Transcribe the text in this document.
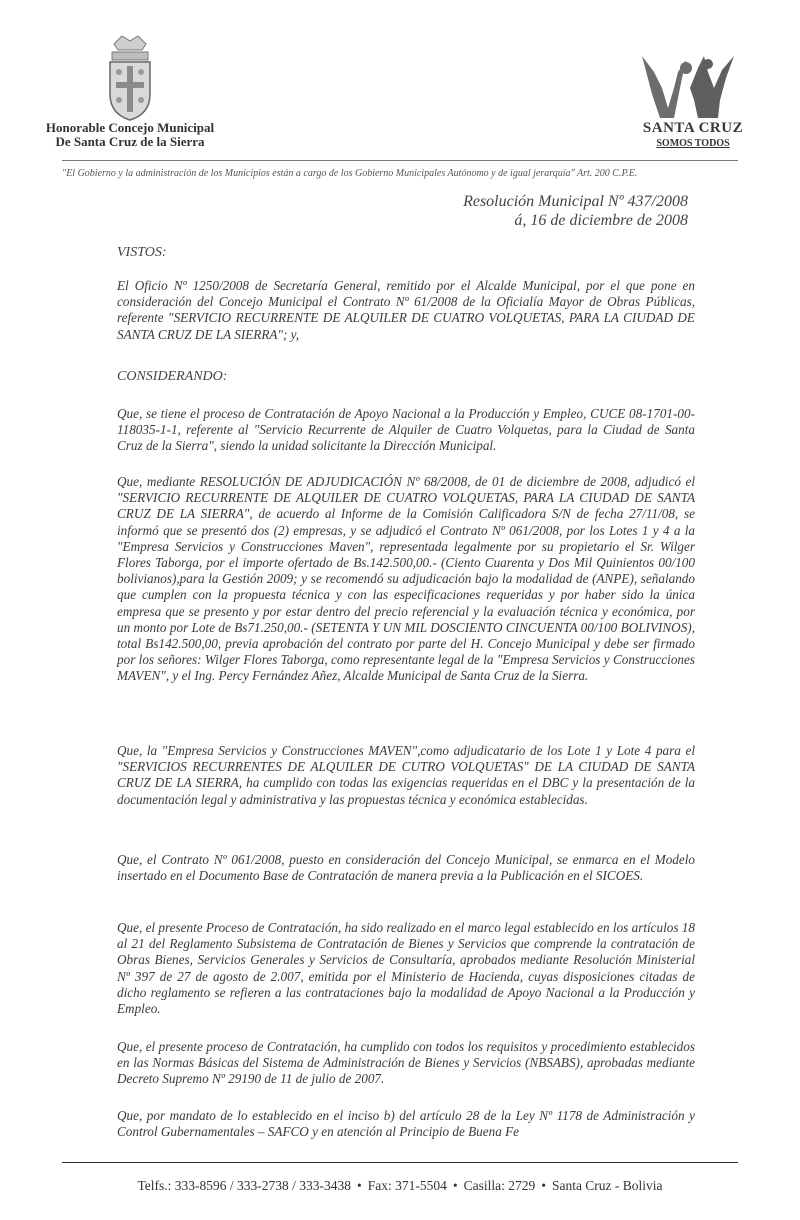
Honorable Concejo Municipal
De Santa Cruz de la Sierra
SANTA CRUZ
SOMOS TODOS
"El Gobierno y la administración de los Municipios están a cargo de los Gobierno Municipales Autónomo y de igual jerarquía" Art. 200 C.P.E.
Resolución Municipal Nº 437/2008
á, 16 de diciembre de 2008
VISTOS:
El Oficio Nº 1250/2008 de Secretaría General, remitido por el Alcalde Municipal, por el que pone en consideración del Concejo Municipal el Contrato Nº 61/2008 de la Oficialía Mayor de Obras Públicas, referente "SERVICIO RECURRENTE DE ALQUILER DE CUATRO VOLQUETAS, PARA LA CIUDAD DE SANTA CRUZ DE LA SIERRA"; y,
CONSIDERANDO:
Que, se tiene el proceso de Contratación de Apoyo Nacional a la Producción y Empleo, CUCE 08-1701-00-118035-1-1, referente al "Servicio Recurrente de Alquiler de Cuatro Volquetas, para la Ciudad de Santa Cruz de la Sierra", siendo la unidad solicitante la Dirección Municipal.
Que, mediante RESOLUCIÓN DE ADJUDICACIÓN Nº 68/2008, de 01 de diciembre de 2008, adjudicó el "SERVICIO RECURRENTE DE ALQUILER DE CUATRO VOLQUETAS, PARA LA CIUDAD DE SANTA CRUZ DE LA SIERRA", de acuerdo al Informe de la Comisión Calificadora S/N de fecha 27/11/08, se informó que se presentó dos (2) empresas, y se adjudicó el Contrato Nº 061/2008, por los Lotes 1 y 4 a la "Empresa Servicios y Construcciones Maven", representada legalmente por su propietario el Sr. Wilger Flores Taborga, por el importe ofertado de Bs.142.500,00.- (Ciento Cuarenta y Dos Mil Quinientos 00/100 bolivianos),para la Gestión 2009; y se recomendó su adjudicación bajo la modalidad de (ANPE), señalando que cumplen con la propuesta técnica y con las especificaciones requeridas y por haber sido la única empresa que se presento y por estar dentro del precio referencial y la evaluación técnica y económica, por un monto por Lote de Bs71.250,00.- (SETENTA Y UN MIL DOSCIENTO CINCUENTA 00/100 BOLIVINOS), total Bs142.500,00, previa aprobación del contrato por parte del H. Concejo Municipal y debe ser firmado por los señores: Wilger Flores Taborga, como representante legal de la "Empresa Servicios y Construcciones MAVEN", y el Ing. Percy Fernández Añez, Alcalde Municipal de Santa Cruz de la Sierra.
Que, la "Empresa Servicios y Construcciones MAVEN",como adjudicatario de los Lote 1 y Lote 4 para el "SERVICIOS RECURRENTES DE ALQUILER DE CUTRO VOLQUETAS" DE LA CIUDAD DE SANTA CRUZ DE LA SIERRA, ha cumplido con todas las exigencias requeridas en el DBC y la presentación de la documentación legal y administrativa y las propuestas técnica y económica establecidas.
Que, el Contrato Nº 061/2008, puesto en consideración del Concejo Municipal, se enmarca en el Modelo insertado en el Documento Base de Contratación de manera previa a la Publicación en el SICOES.
Que, el presente Proceso de Contratación, ha sido realizado en el marco legal establecido en los artículos 18 al 21 del Reglamento Subsistema de Contratación de Bienes y Servicios que comprende la contratación de Obras Bienes, Servicios Generales y Servicios de Consultaría, aprobados mediante Resolución Ministerial Nº 397 de 27 de agosto de 2.007, emitida por el Ministerio de Hacienda, cuyas disposiciones citadas de dicho reglamento se refieren a las contrataciones bajo la modalidad de Apoyo Nacional a la Producción y Empleo.
Que, el presente proceso de Contratación, ha cumplido con todos los requisitos y procedimiento establecidos en las Normas Básicas del Sistema de Administración de Bienes y Servicios (NBSABS), aprobadas mediante Decreto Supremo Nº 29190 de 11 de julio de 2007.
Que, por mandato de lo establecido en el inciso b) del artículo 28 de la Ley Nº 1178 de Administración y Control Gubernamentales – SAFCO y en atención al Principio de Buena Fe
Telfs.: 333-8596 / 333-2738 / 333-3438 • Fax: 371-5504 • Casilla: 2729 • Santa Cruz - Bolivia
